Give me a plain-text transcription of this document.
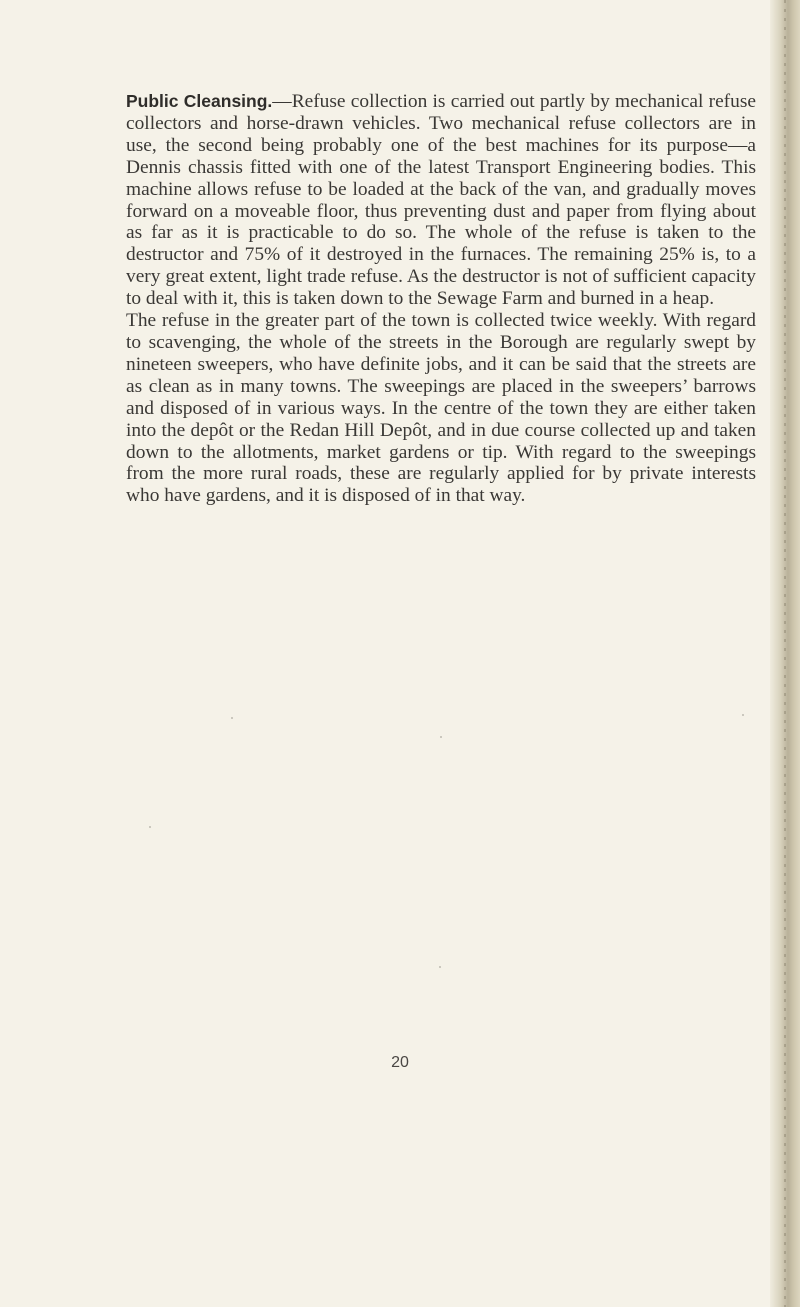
Public Cleansing.—Refuse collection is carried out partly by mechanical refuse collectors and horse-drawn vehicles. Two mechanical refuse collectors are in use, the second being probably one of the best machines for its purpose—a Dennis chassis fitted with one of the latest Transport Engineering bodies. This machine allows refuse to be loaded at the back of the van, and gradually moves forward on a moveable floor, thus preventing dust and paper from flying about as far as it is practicable to do so. The whole of the refuse is taken to the destructor and 75% of it destroyed in the furnaces. The remaining 25% is, to a very great extent, light trade refuse. As the destructor is not of sufficient capacity to deal with it, this is taken down to the Sewage Farm and burned in a heap.

The refuse in the greater part of the town is collected twice weekly. With regard to scavenging, the whole of the streets in the Borough are regularly swept by nineteen sweepers, who have definite jobs, and it can be said that the streets are as clean as in many towns. The sweepings are placed in the sweepers’ barrows and disposed of in various ways. In the centre of the town they are either taken into the depôt or the Redan Hill Depôt, and in due course collected up and taken down to the allotments, market gardens or tip. With regard to the sweepings from the more rural roads, these are regularly applied for by private interests who have gardens, and it is disposed of in that way.

20
